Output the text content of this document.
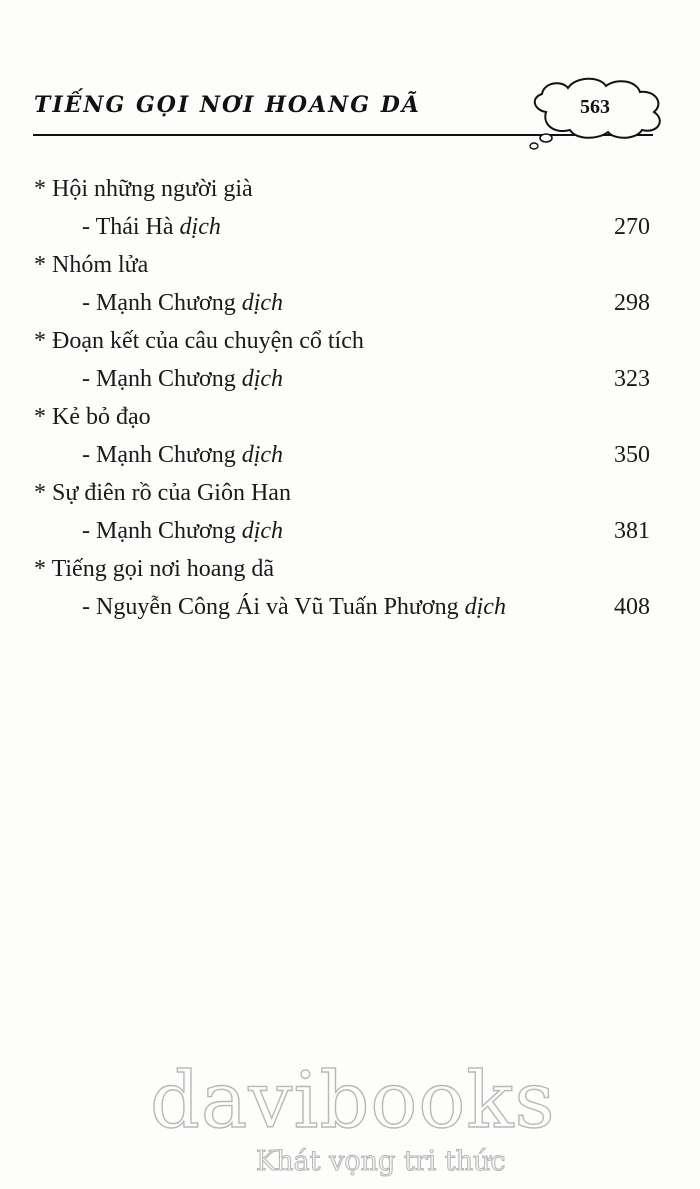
TIẾNG GỌI NƠI HOANG DÃ	563
* Hội những người già
- Thái Hà dịch	270
* Nhóm lửa
- Mạnh Chương dịch	298
* Đoạn kết của câu chuyện cổ tích
- Mạnh Chương dịch	323
* Kẻ bỏ đạo
- Mạnh Chương dịch	350
* Sự điên rồ của Giôn Han
- Mạnh Chương dịch	381
* Tiếng gọi nơi hoang dã
- Nguyễn Công Ái và Vũ Tuấn Phương dịch	408
davibooks
Khát vọng tri thức
